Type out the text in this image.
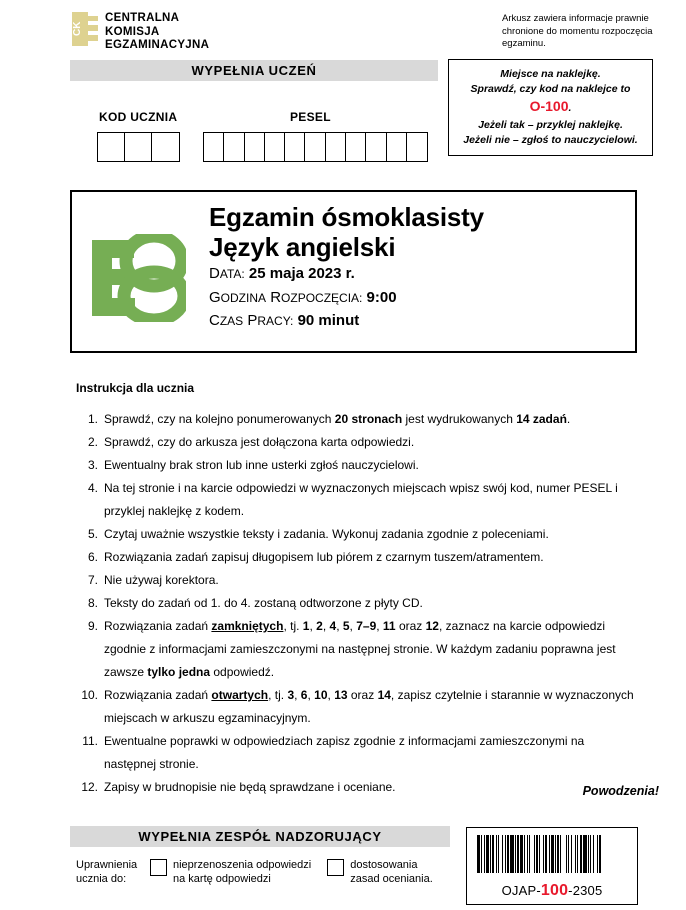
CK
CENTRALNA
KOMISJA
EGZAMINACYJNA
Arkusz zawiera informacje prawnie chronione do momentu rozpoczęcia egzaminu.
WYPEŁNIA UCZEŃ
KOD UCZNIA	PESEL
Miejsce na naklejkę.
Sprawdź, czy kod na naklejce to
O-100.
Jeżeli tak – przyklej naklejkę.
Jeżeli nie – zgłoś to nauczycielowi.
Egzamin ósmoklasisty
Język angielski
DATA: 25 maja 2023 r.
GODZINA ROZPOCZĘCIA: 9:00
CZAS PRACY: 90 minut
Instrukcja dla ucznia
1. Sprawdź, czy na kolejno ponumerowanych 20 stronach jest wydrukowanych 14 zadań.
2. Sprawdź, czy do arkusza jest dołączona karta odpowiedzi.
3. Ewentualny brak stron lub inne usterki zgłoś nauczycielowi.
4. Na tej stronie i na karcie odpowiedzi w wyznaczonych miejscach wpisz swój kod, numer PESEL i przyklej naklejkę z kodem.
5. Czytaj uważnie wszystkie teksty i zadania. Wykonuj zadania zgodnie z poleceniami.
6. Rozwiązania zadań zapisuj długopisem lub piórem z czarnym tuszem/atramentem.
7. Nie używaj korektora.
8. Teksty do zadań od 1. do 4. zostaną odtworzone z płyty CD.
9. Rozwiązania zadań zamkniętych, tj. 1, 2, 4, 5, 7–9, 11 oraz 12, zaznacz na karcie odpowiedzi zgodnie z informacjami zamieszczonymi na następnej stronie. W każdym zadaniu poprawna jest zawsze tylko jedna odpowiedź.
10. Rozwiązania zadań otwartych, tj. 3, 6, 10, 13 oraz 14, zapisz czytelnie i starannie w wyznaczonych miejscach w arkuszu egzaminacyjnym.
11. Ewentualne poprawki w odpowiedziach zapisz zgodnie z informacjami zamieszczonymi na następnej stronie.
12. Zapisy w brudnopisie nie będą sprawdzane i oceniane.	Powodzenia!
WYPEŁNIA ZESPÓŁ NADZORUJĄCY
Uprawnienia
ucznia do:
nieprzenoszenia odpowiedzi
na kartę odpowiedzi
dostosowania
zasad oceniania.
OJAP-100-2305
